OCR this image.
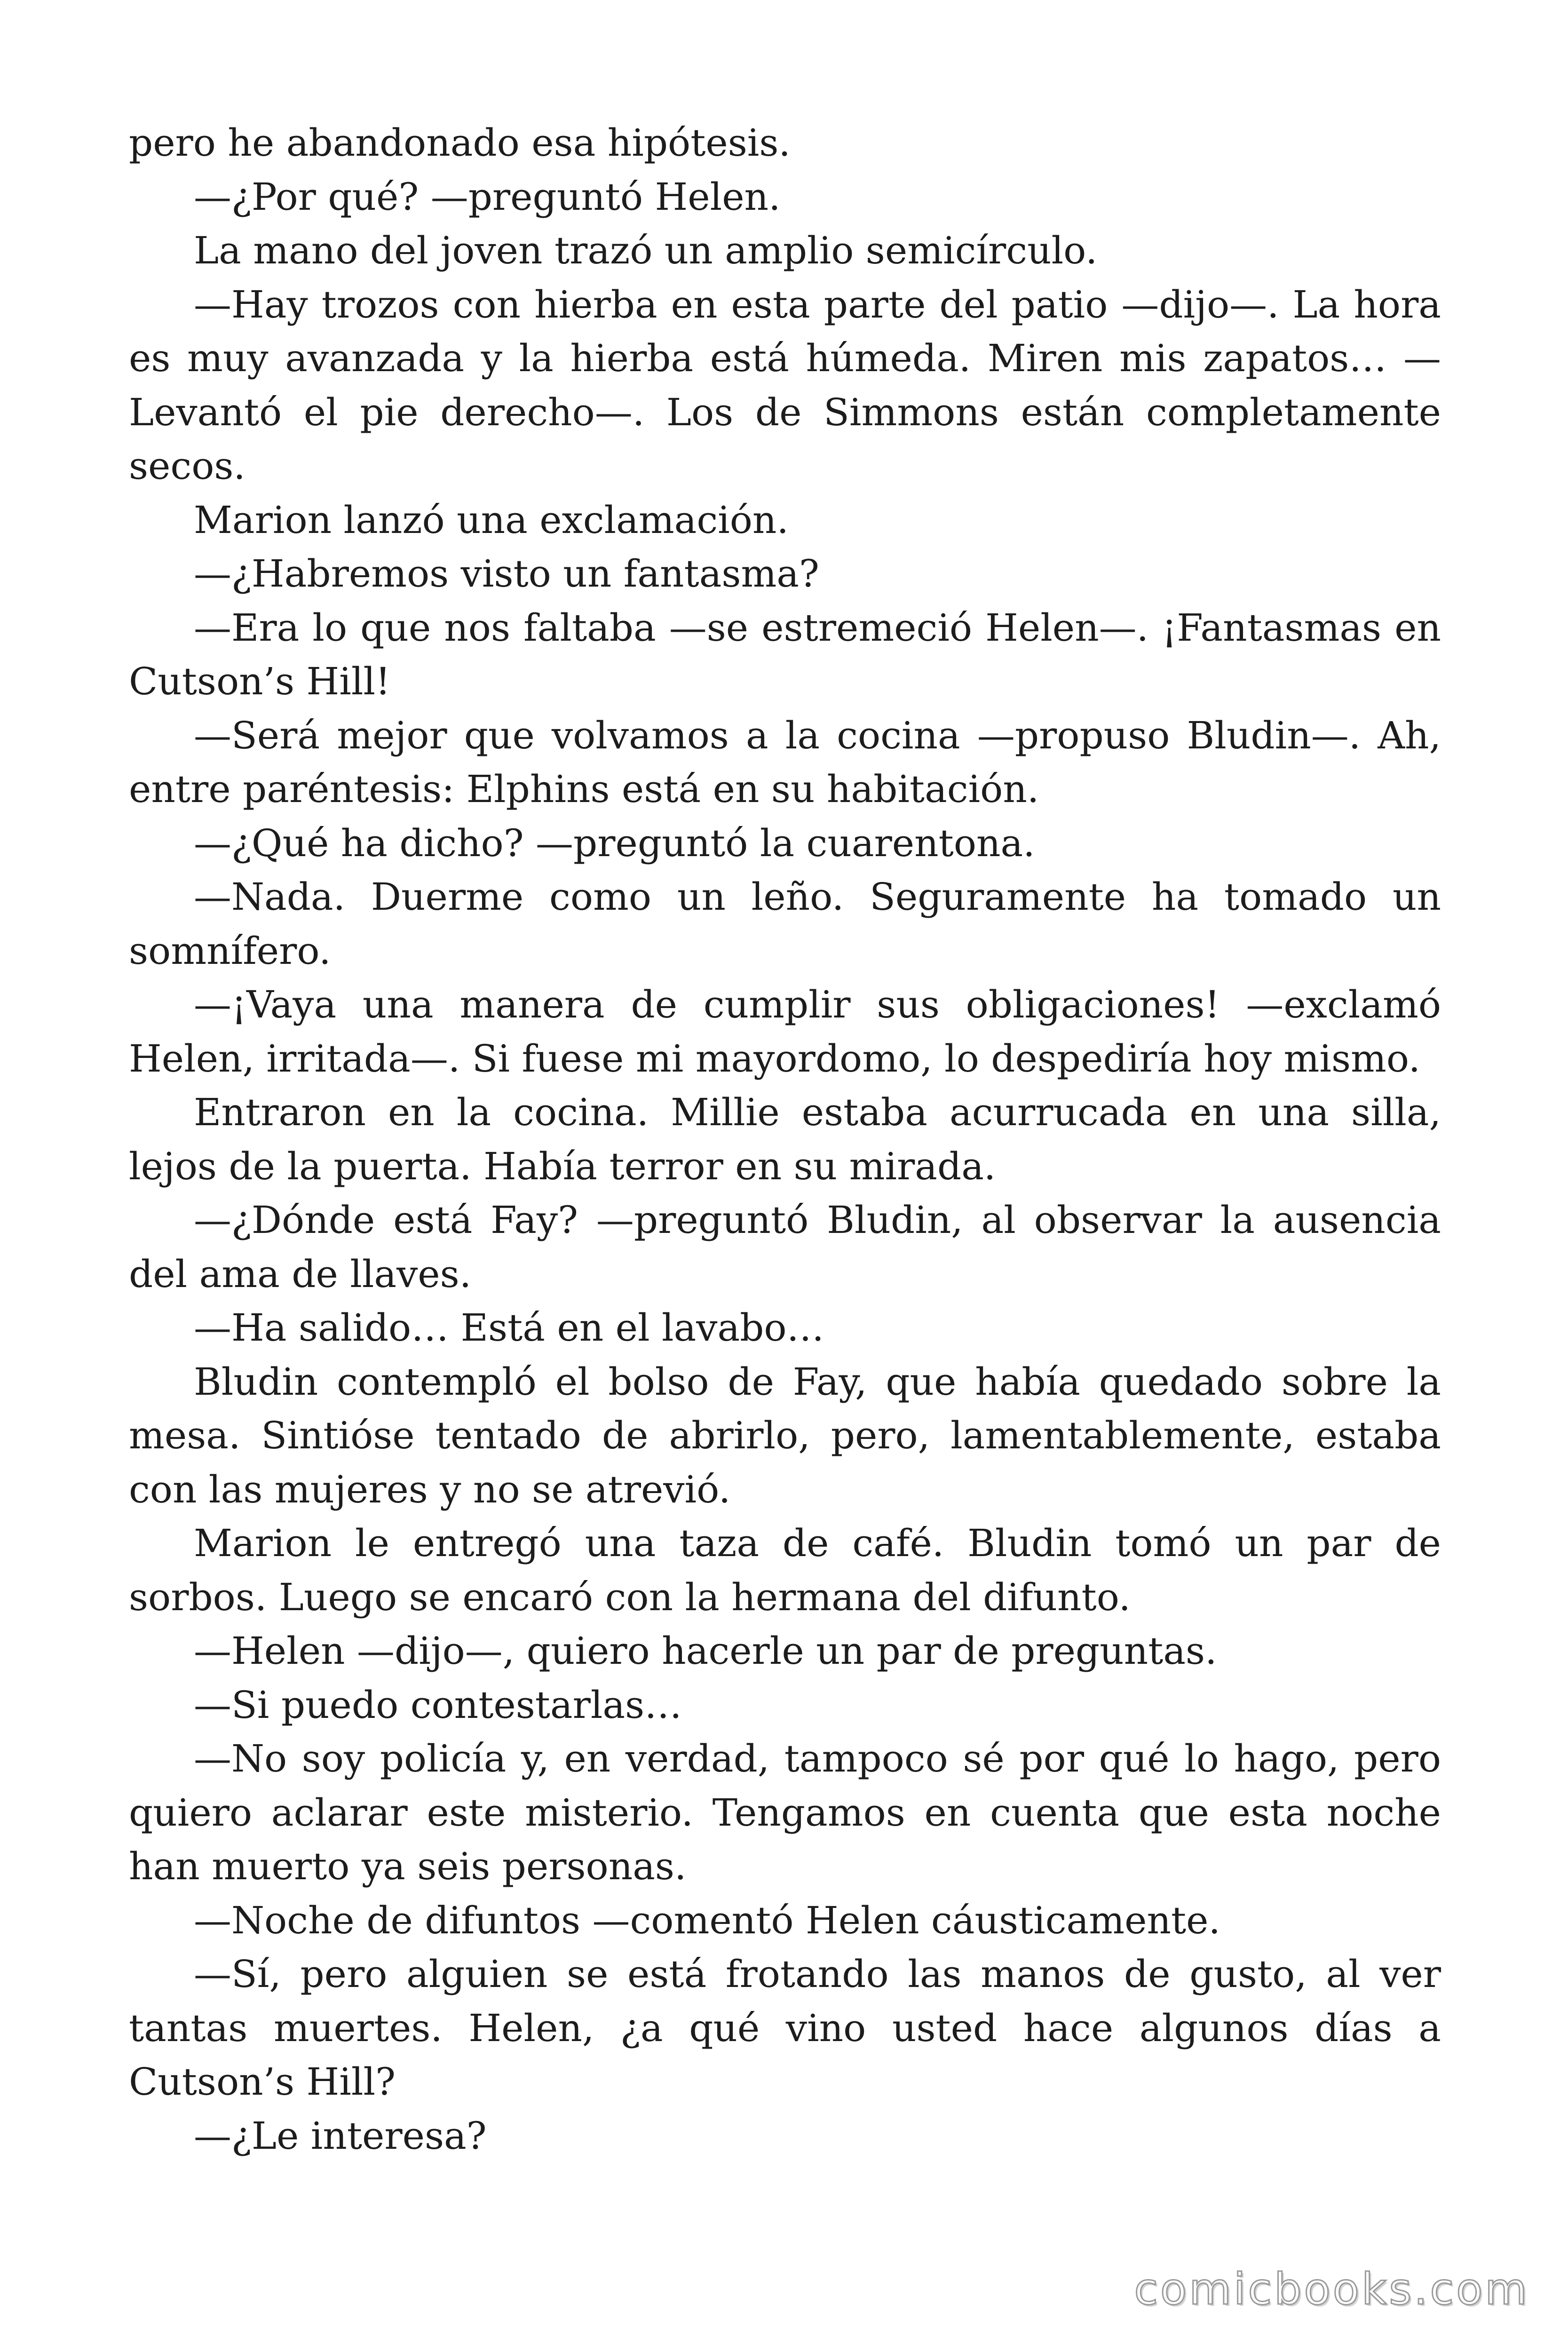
pero he abandonado esa hipótesis.

—¿Por qué? —preguntó Helen.

La mano del joven trazó un amplio semicírculo.

—Hay trozos con hierba en esta parte del patio —dijo—. La hora es muy avanzada y la hierba está húmeda. Miren mis zapatos… —Levantó el pie derecho—. Los de Simmons están completamente secos.

Marion lanzó una exclamación.

—¿Habremos visto un fantasma?

—Era lo que nos faltaba —se estremeció Helen—. ¡Fantasmas en Cutson’s Hill!

—Será mejor que volvamos a la cocina —propuso Bludin—. Ah, entre paréntesis: Elphins está en su habitación.

—¿Qué ha dicho? —preguntó la cuarentona.

—Nada. Duerme como un leño. Seguramente ha tomado un somnífero.

—¡Vaya una manera de cumplir sus obligaciones! —exclamó Helen, irritada—. Si fuese mi mayordomo, lo despediría hoy mismo.

Entraron en la cocina. Millie estaba acurrucada en una silla, lejos de la puerta. Había terror en su mirada.

—¿Dónde está Fay? —preguntó Bludin, al observar la ausencia del ama de llaves.

—Ha salido… Está en el lavabo…

Bludin contempló el bolso de Fay, que había quedado sobre la mesa. Sintióse tentado de abrirlo, pero, lamentablemente, estaba con las mujeres y no se atrevió.

Marion le entregó una taza de café. Bludin tomó un par de sorbos. Luego se encaró con la hermana del difunto.

—Helen —dijo—, quiero hacerle un par de preguntas.

—Si puedo contestarlas…

—No soy policía y, en verdad, tampoco sé por qué lo hago, pero quiero aclarar este misterio. Tengamos en cuenta que esta noche han muerto ya seis personas.

—Noche de difuntos —comentó Helen cáusticamente.

—Sí, pero alguien se está frotando las manos de gusto, al ver tantas muertes. Helen, ¿a qué vino usted hace algunos días a Cutson’s Hill?

—¿Le interesa?

comicbooks.com
